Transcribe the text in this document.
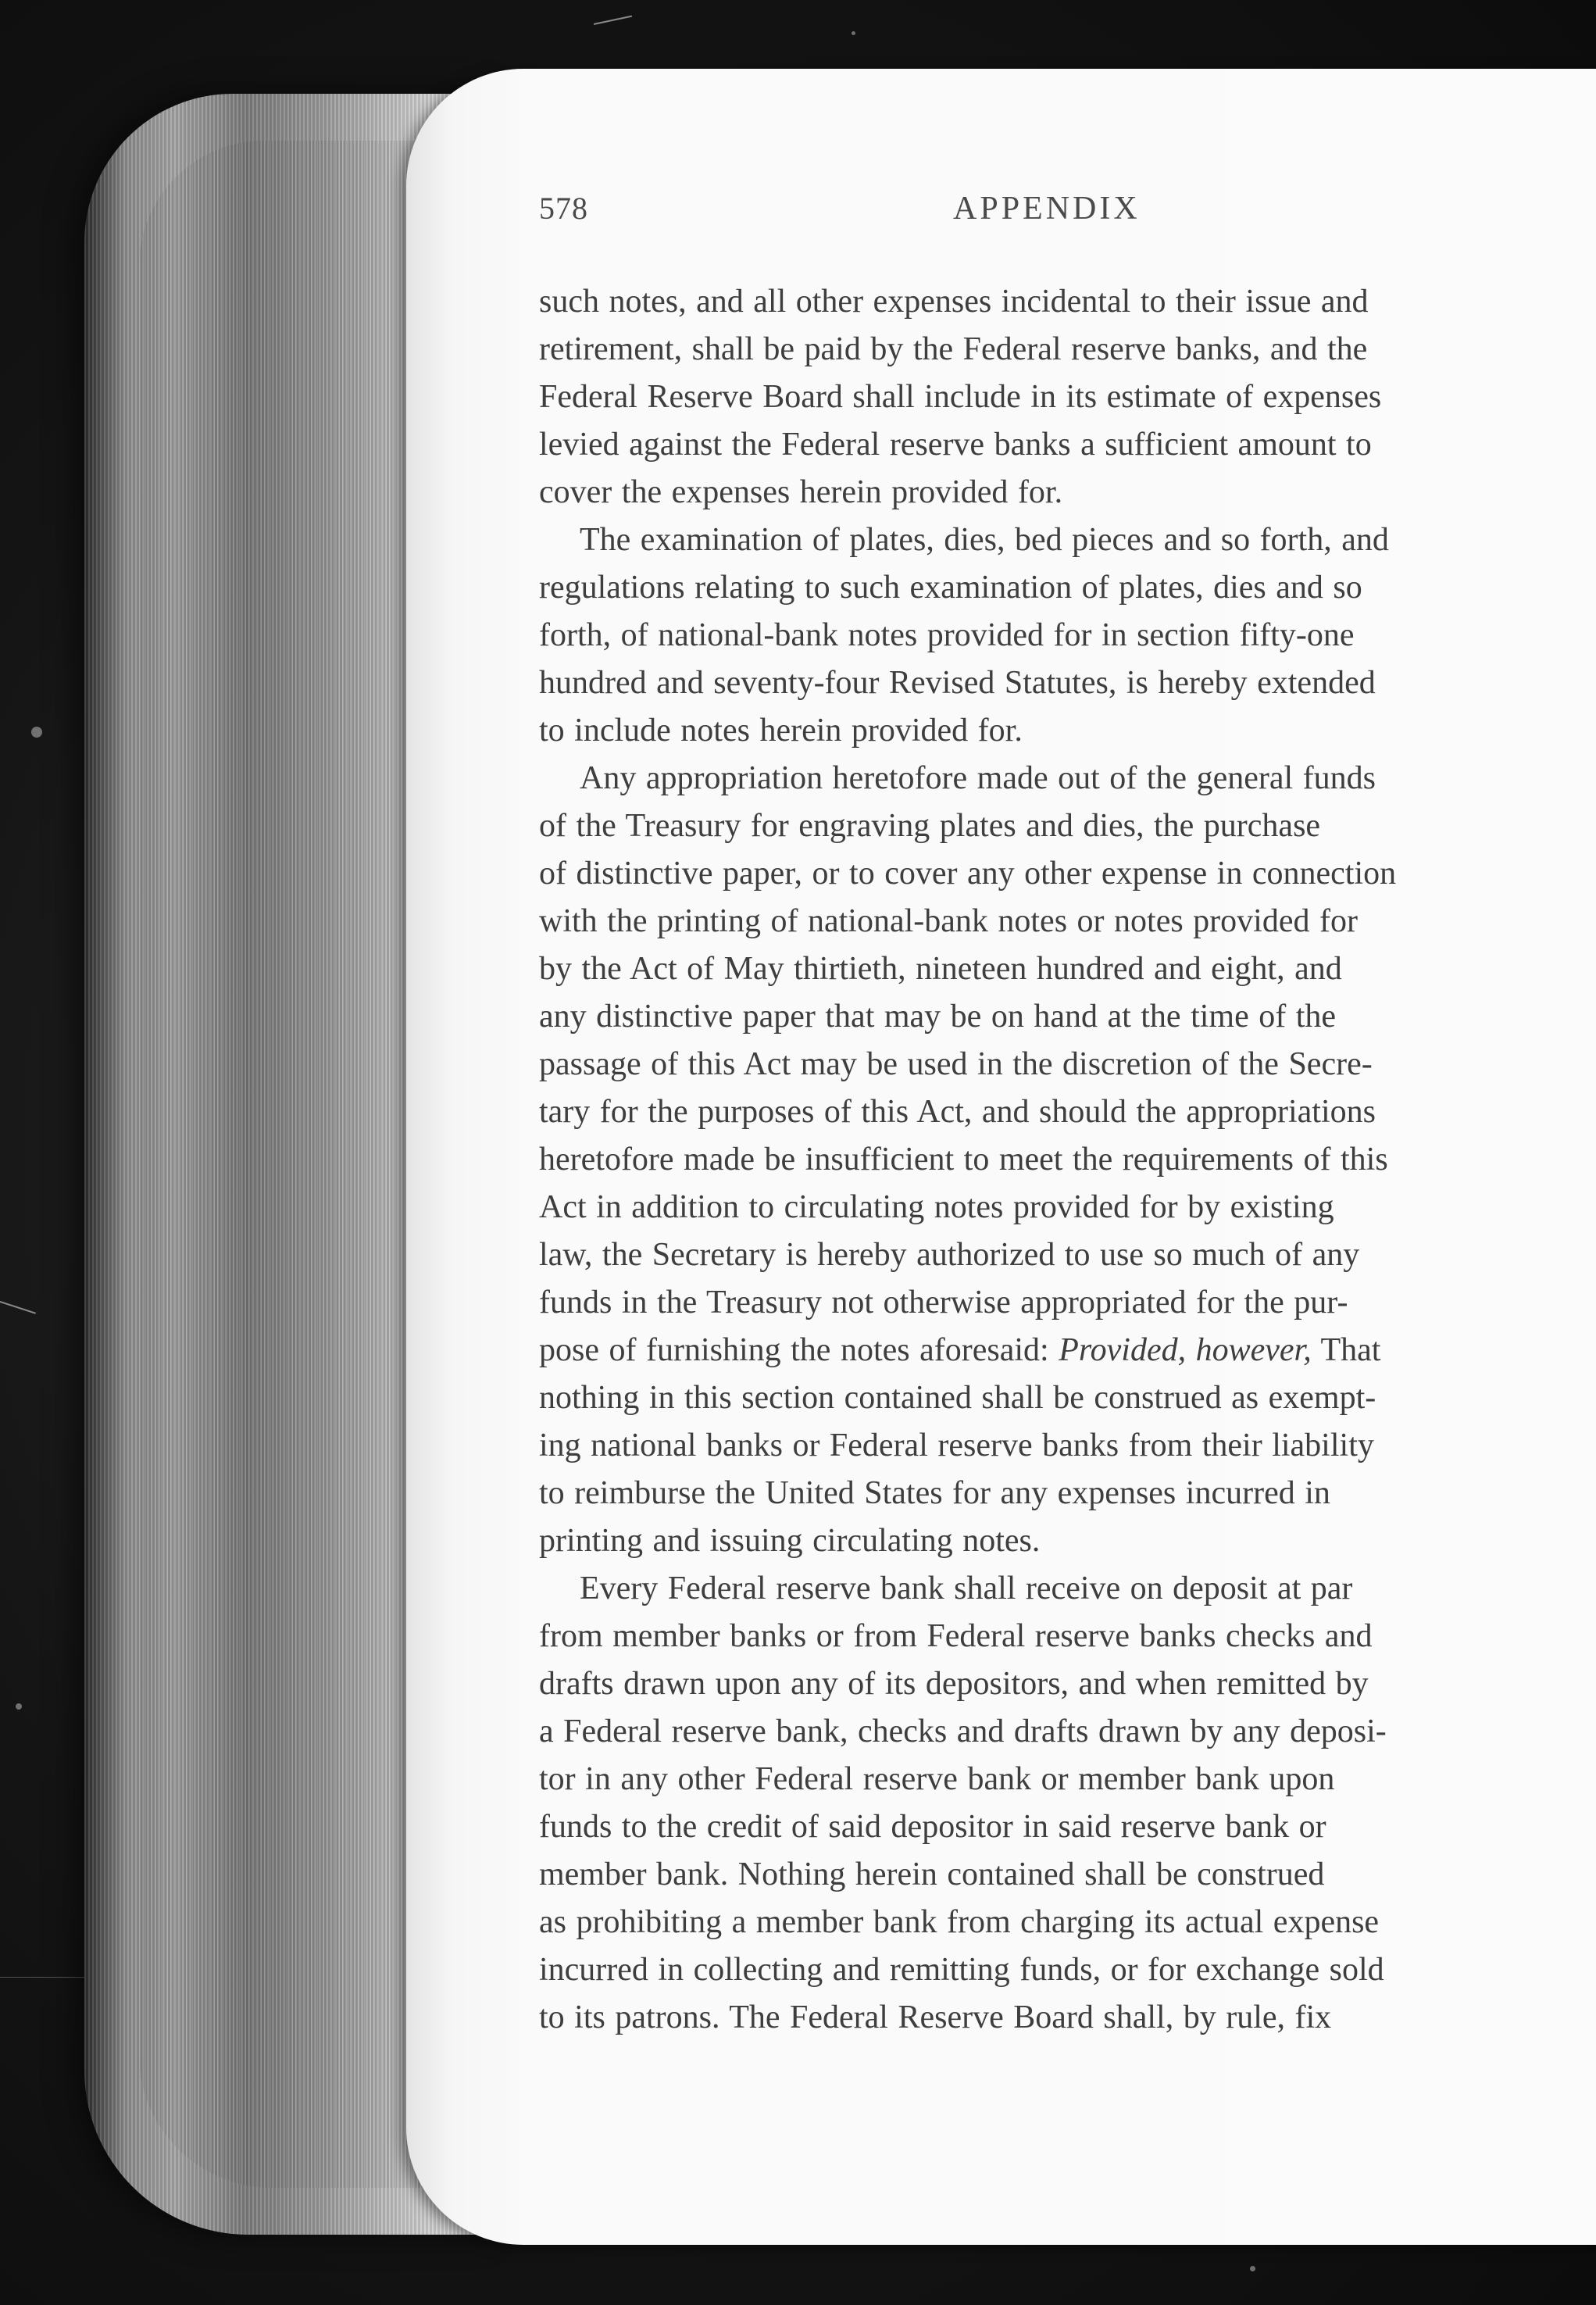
578	APPENDIX
such notes, and all other expenses incidental to their issue and
retirement, shall be paid by the Federal reserve banks, and the
Federal Reserve Board shall include in its estimate of expenses
levied against the Federal reserve banks a sufficient amount to
cover the expenses herein provided for.
The examination of plates, dies, bed pieces and so forth, and
regulations relating to such examination of plates, dies and so
forth, of national-bank notes provided for in section fifty-one
hundred and seventy-four Revised Statutes, is hereby extended
to include notes herein provided for.
Any appropriation heretofore made out of the general funds
of the Treasury for engraving plates and dies, the purchase
of distinctive paper, or to cover any other expense in connection
with the printing of national-bank notes or notes provided for
by the Act of May thirtieth, nineteen hundred and eight, and
any distinctive paper that may be on hand at the time of the
passage of this Act may be used in the discretion of the Secre-
tary for the purposes of this Act, and should the appropriations
heretofore made be insufficient to meet the requirements of this
Act in addition to circulating notes provided for by existing
law, the Secretary is hereby authorized to use so much of any
funds in the Treasury not otherwise appropriated for the pur-
pose of furnishing the notes aforesaid: Provided, however, That
nothing in this section contained shall be construed as exempt-
ing national banks or Federal reserve banks from their liability
to reimburse the United States for any expenses incurred in
printing and issuing circulating notes.
Every Federal reserve bank shall receive on deposit at par
from member banks or from Federal reserve banks checks and
drafts drawn upon any of its depositors, and when remitted by
a Federal reserve bank, checks and drafts drawn by any deposi-
tor in any other Federal reserve bank or member bank upon
funds to the credit of said depositor in said reserve bank or
member bank. Nothing herein contained shall be construed
as prohibiting a member bank from charging its actual expense
incurred in collecting and remitting funds, or for exchange sold
to its patrons. The Federal Reserve Board shall, by rule, fix
